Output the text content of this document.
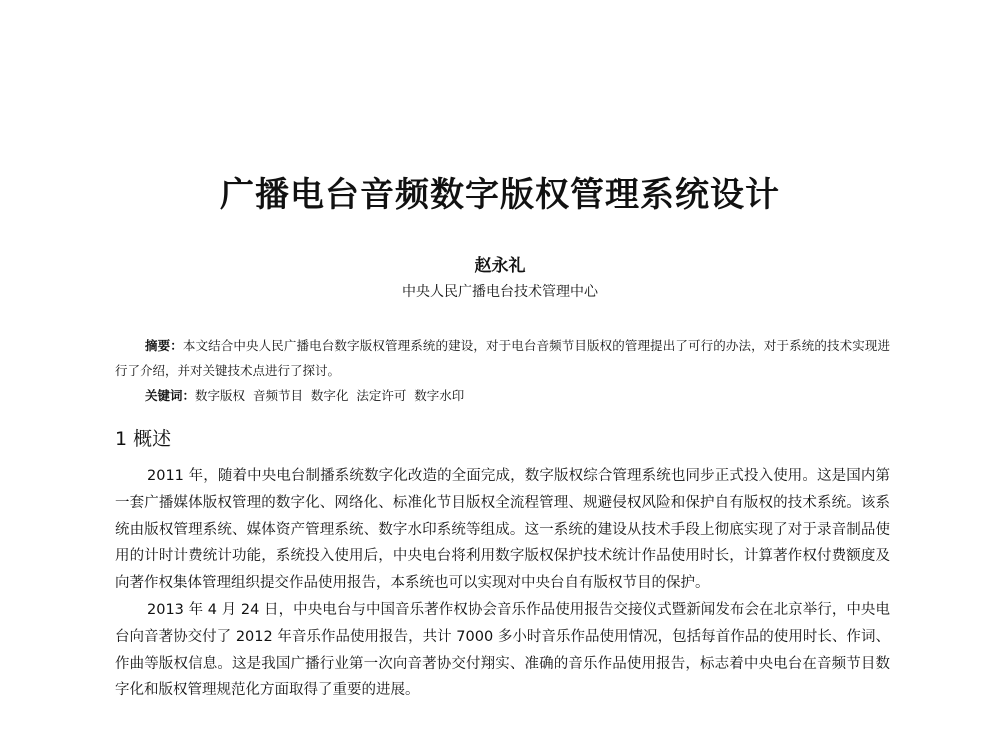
广播电台音频数字版权管理系统设计
赵永礼
中央人民广播电台技术管理中心

摘要：本文结合中央人民广播电台数字版权管理系统的建设，对于电台音频节目版权的管理提出了可行的办法，对于系统的技术实现进行了介绍，并对关键技术点进行了探讨。

关键词：数字版权  音频节目  数字化  法定许可  数字水印

1 概述

2011 年，随着中央电台制播系统数字化改造的全面完成，数字版权综合管理系统也同步正式投入使用。这是国内第一套广播媒体版权管理的数字化、网络化、标准化节目版权全流程管理、规避侵权风险和保护自有版权的技术系统。该系统由版权管理系统、媒体资产管理系统、数字水印系统等组成。这一系统的建设从技术手段上彻底实现了对于录音制品使用的计时计费统计功能，系统投入使用后，中央电台将利用数字版权保护技术统计作品使用时长，计算著作权付费额度及向著作权集体管理组织提交作品使用报告，本系统也可以实现对中央台自有版权节目的保护。

2013 年 4 月 24 日，中央电台与中国音乐著作权协会音乐作品使用报告交接仪式暨新闻发布会在北京举行，中央电台向音著协交付了 2012 年音乐作品使用报告，共计 7000 多小时音乐作品使用情况，包括每首作品的使用时长、作词、作曲等版权信息。这是我国广播行业第一次向音著协交付翔实、准确的音乐作品使用报告，标志着中央电台在音频节目数字化和版权管理规范化方面取得了重要的进展。
